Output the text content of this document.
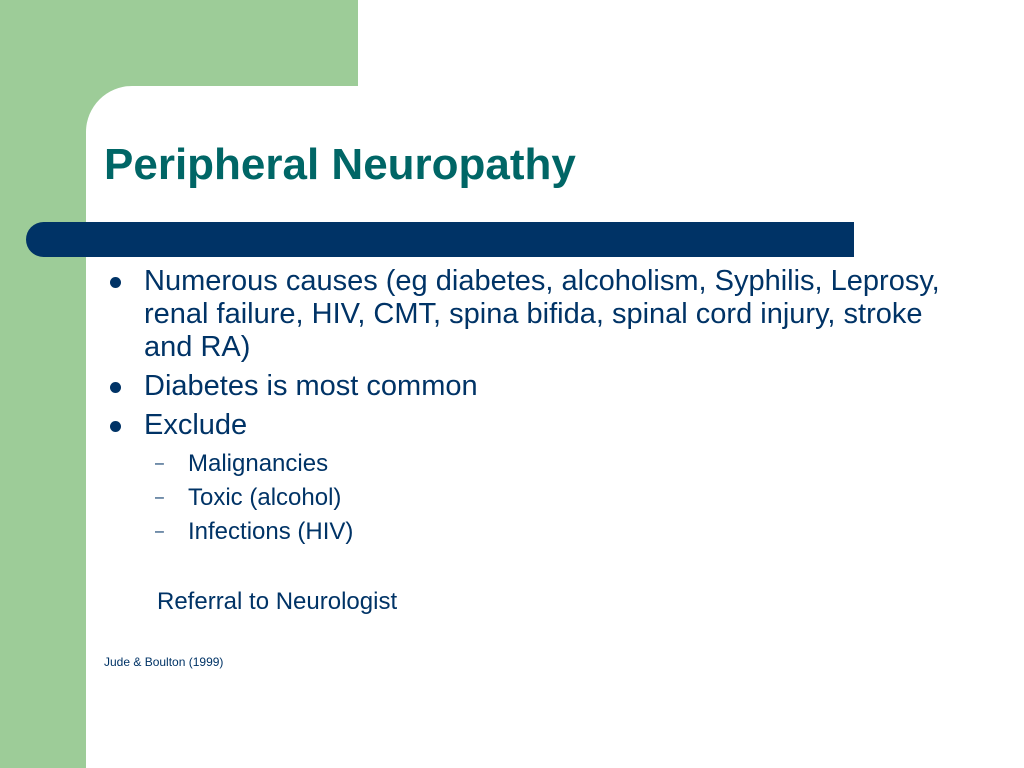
Peripheral Neuropathy
Numerous causes (eg diabetes, alcoholism, Syphilis, Leprosy, renal failure, HIV, CMT, spina bifida, spinal cord injury, stroke and RA)
Diabetes is most common
Exclude
– Malignancies
– Toxic (alcohol)
– Infections (HIV)
Referral to Neurologist
Jude & Boulton (1999)
